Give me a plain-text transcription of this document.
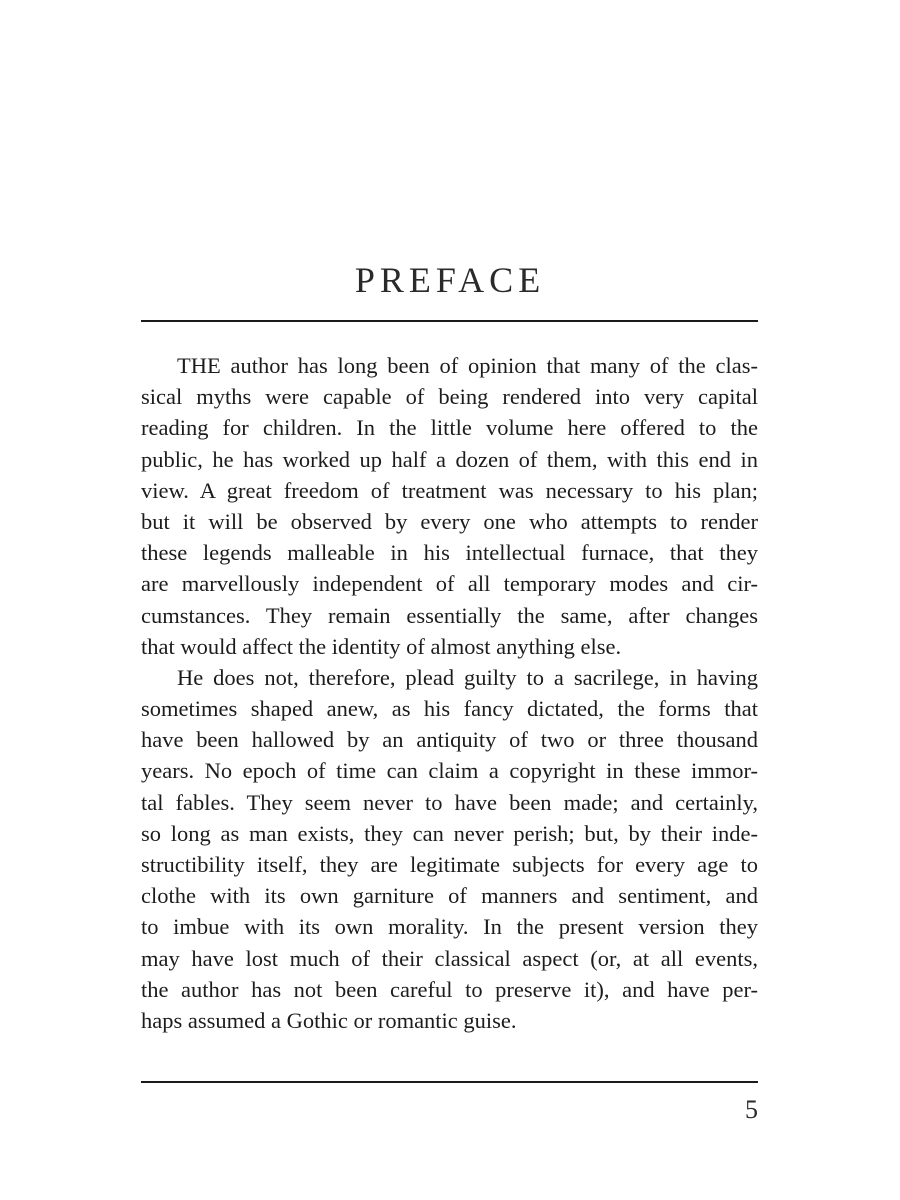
PREFACE
THE author has long been of opinion that many of the clas-
sical myths were capable of being rendered into very capital
reading for children. In the little volume here offered to the
public, he has worked up half a dozen of them, with this end in
view. A great freedom of treatment was necessary to his plan;
but it will be observed by every one who attempts to render
these legends malleable in his intellectual furnace, that they
are marvellously independent of all temporary modes and cir-
cumstances. They remain essentially the same, after changes
that would affect the identity of almost anything else.
He does not, therefore, plead guilty to a sacrilege, in having
sometimes shaped anew, as his fancy dictated, the forms that
have been hallowed by an antiquity of two or three thousand
years. No epoch of time can claim a copyright in these immor-
tal fables. They seem never to have been made; and certainly,
so long as man exists, they can never perish; but, by their inde-
structibility itself, they are legitimate subjects for every age to
clothe with its own garniture of manners and sentiment, and
to imbue with its own morality. In the present version they
may have lost much of their classical aspect (or, at all events,
the author has not been careful to preserve it), and have per-
haps assumed a Gothic or romantic guise.
5
